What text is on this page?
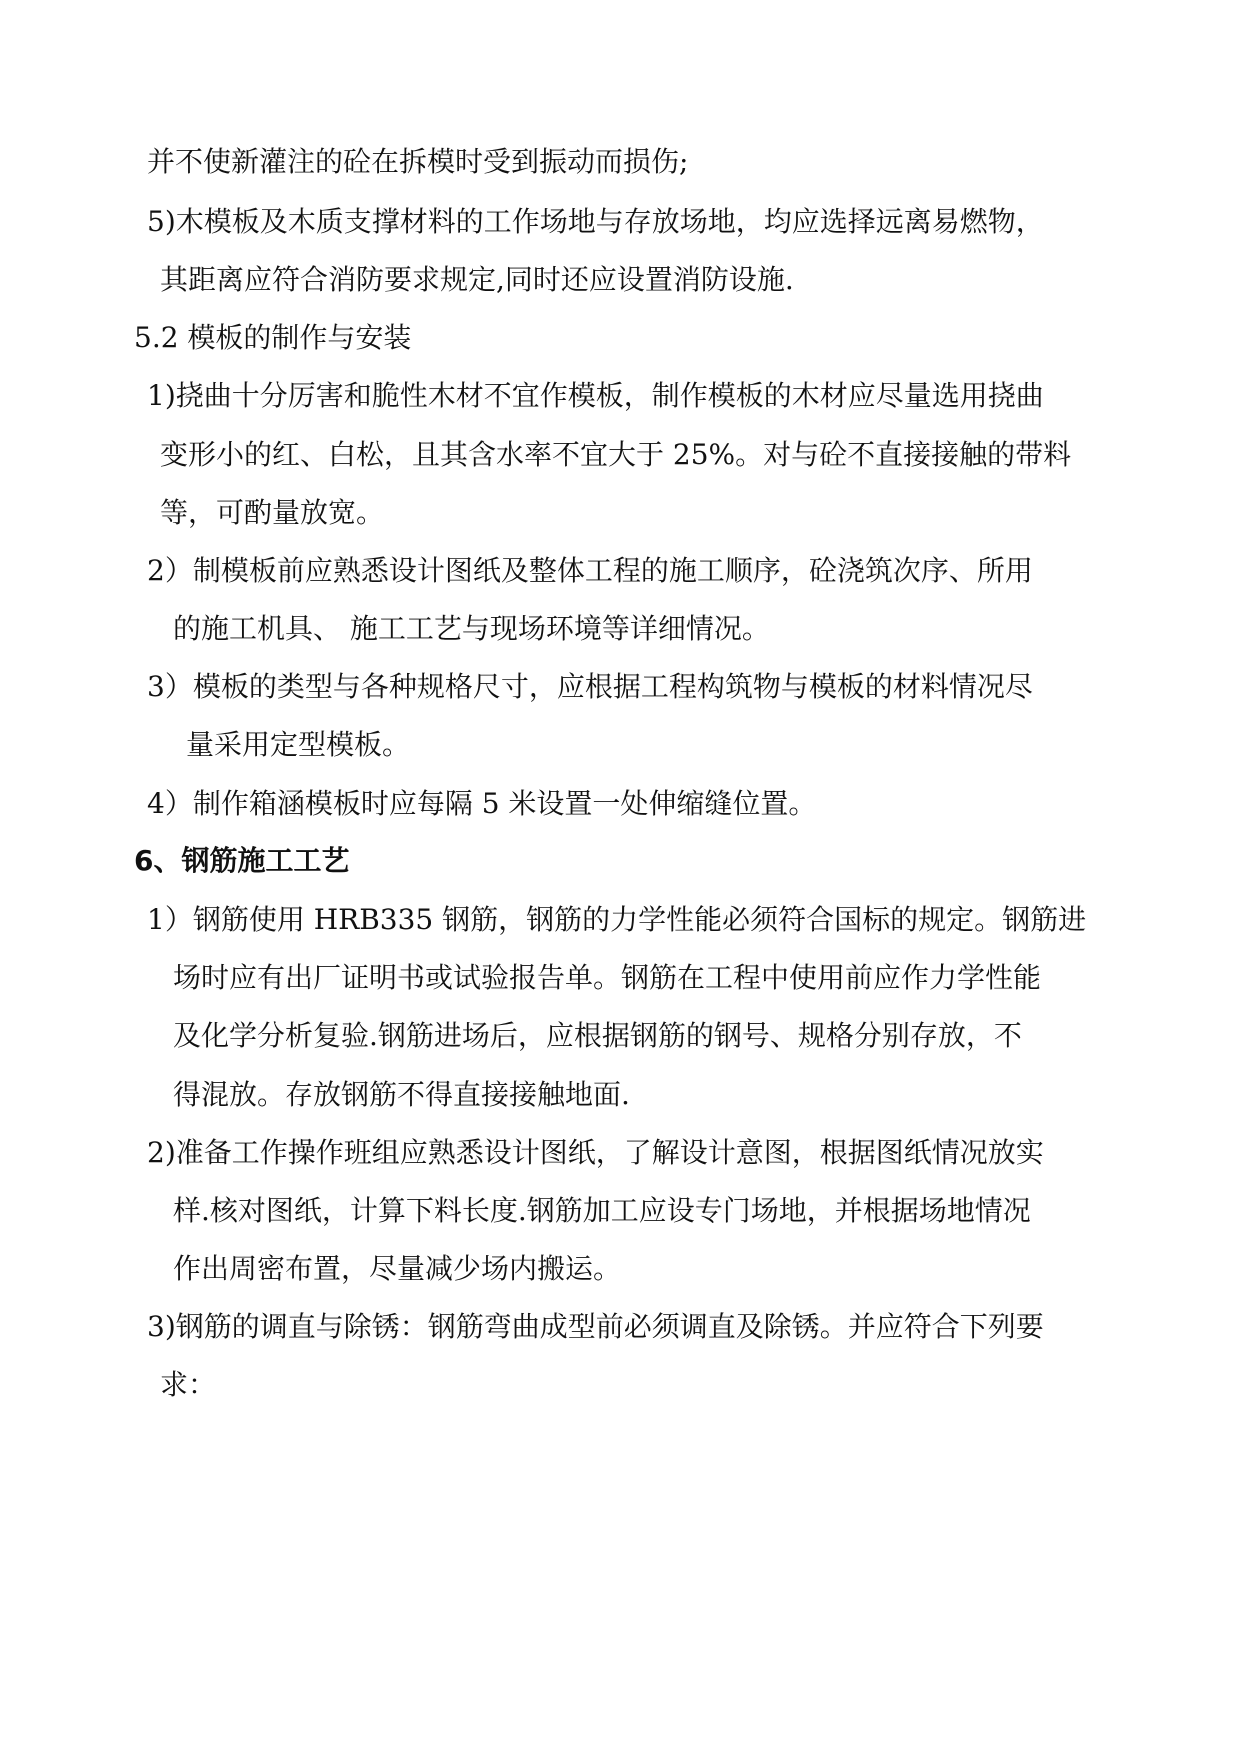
并不使新灌注的砼在拆模时受到振动而损伤;
5)木模板及木质支撑材料的工作场地与存放场地，均应选择远离易燃物，
其距离应符合消防要求规定,同时还应设置消防设施.
5.2 模板的制作与安装
1)挠曲十分厉害和脆性木材不宜作模板，制作模板的木材应尽量选用挠曲
变形小的红、白松，且其含水率不宜大于 25%。对与砼不直接接触的带料
等，可酌量放宽。
2）制模板前应熟悉设计图纸及整体工程的施工顺序，砼浇筑次序、所用
的施工机具、 施工工艺与现场环境等详细情况。
3）模板的类型与各种规格尺寸，应根据工程构筑物与模板的材料情况尽
量采用定型模板。
4）制作箱涵模板时应每隔 5 米设置一处伸缩缝位置。
6、钢筋施工工艺
1）钢筋使用 HRB335 钢筋，钢筋的力学性能必须符合国标的规定。钢筋进
场时应有出厂证明书或试验报告单。钢筋在工程中使用前应作力学性能
及化学分析复验.钢筋进场后，应根据钢筋的钢号、规格分别存放，不
得混放。存放钢筋不得直接接触地面.
2)准备工作操作班组应熟悉设计图纸，了解设计意图，根据图纸情况放实
样.核对图纸，计算下料长度.钢筋加工应设专门场地，并根据场地情况
作出周密布置，尽量减少场内搬运。
3)钢筋的调直与除锈：钢筋弯曲成型前必须调直及除锈。并应符合下列要
求：
